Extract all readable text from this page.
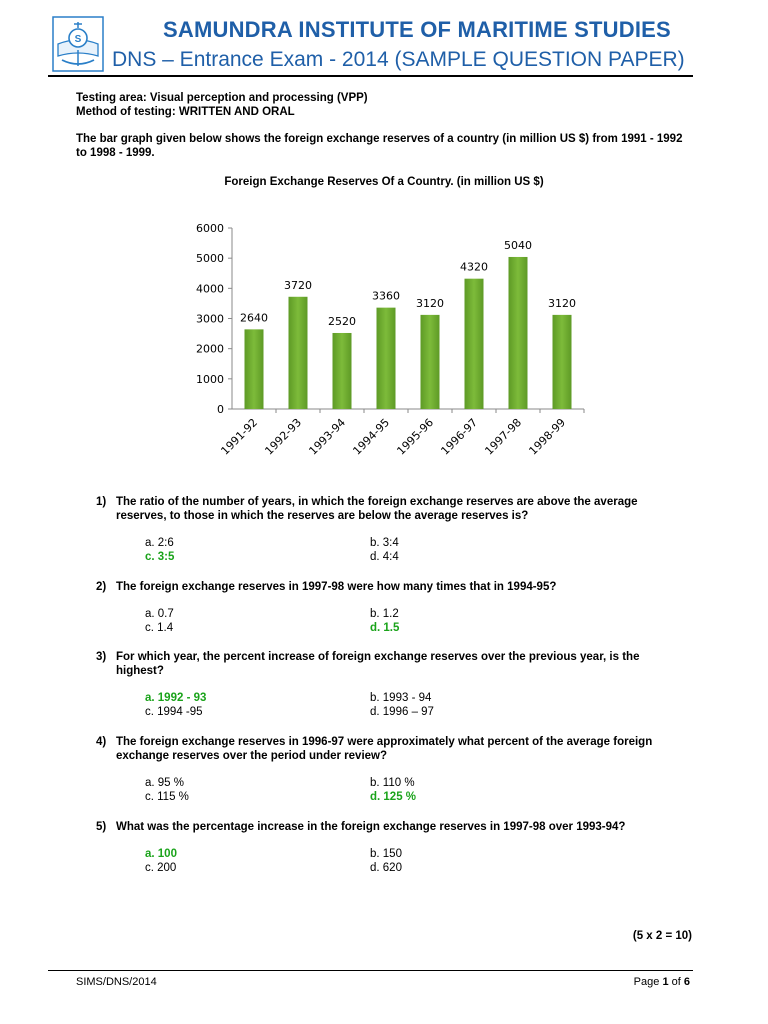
S	SAMUNDRA INSTITUTE OF MARITIME STUDIES
DNS – Entrance Exam - 2014 (SAMPLE QUESTION PAPER)
Testing area: Visual perception and processing (VPP)
Method of testing: WRITTEN AND ORAL
The bar graph given below shows the foreign exchange reserves of a country (in million US $) from 1991 - 1992 to 1998 - 1999.
Foreign Exchange Reserves Of a Country. (in million US $)
0
1000
2000
3000
4000
5000
6000
2640
1991-92
3720
1992-93
2520
1993-94
3360
1994-95
3120
1995-96
4320
1996-97
5040
1997-98
3120
1998-99
1) The ratio of the number of years, in which the foreign exchange reserves are above the average reserves, to those in which the reserves are below the average reserves is?
a. 2:6	b. 3:4
c. 3:5	d. 4:4
2) The foreign exchange reserves in 1997-98 were how many times that in 1994-95?
a. 0.7	b. 1.2
c. 1.4	d. 1.5
3) For which year, the percent increase of foreign exchange reserves over the previous year, is the highest?
a. 1992 - 93	b. 1993 - 94
c. 1994 -95	d. 1996 – 97
4) The foreign exchange reserves in 1996-97 were approximately what percent of the average foreign exchange reserves over the period under review?
a. 95 %	b. 110 %
c. 115 %	d. 125 %
5) What was the percentage increase in the foreign exchange reserves in 1997-98 over 1993-94?
a. 100	b. 150
c. 200	d. 620
(5 x 2 = 10)
SIMS/DNS/2014	Page 1 of 6
